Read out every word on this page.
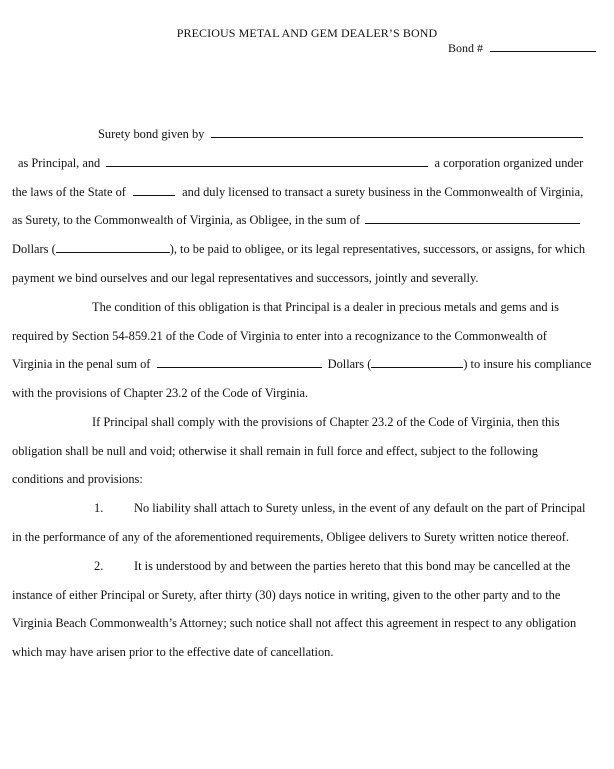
PRECIOUS METAL AND GEM DEALER’S BOND
Bond #
Surety bond given by
as Principal, and	a corporation organized under
the laws of the State of	and duly licensed to transact a surety business in the Commonwealth of Virginia,
as Surety, to the Commonwealth of Virginia, as Obligee, in the sum of
Dollars (	), to be paid to obligee, or its legal representatives, successors, or assigns, for which
payment we bind ourselves and our legal representatives and successors, jointly and severally.
The condition of this obligation is that Principal is a dealer in precious metals and gems and is
required by Section 54-859.21 of the Code of Virginia to enter into a recognizance to the Commonwealth of
Virginia in the penal sum of	Dollars (	) to insure his compliance
with the provisions of Chapter 23.2 of the Code of Virginia.
If Principal shall comply with the provisions of Chapter 23.2 of the Code of Virginia, then this
obligation shall be null and void; otherwise it shall remain in full force and effect, subject to the following
conditions and provisions:
1. No liability shall attach to Surety unless, in the event of any default on the part of Principal
in the performance of any of the aforementioned requirements, Obligee delivers to Surety written notice thereof.
2. It is understood by and between the parties hereto that this bond may be cancelled at the
instance of either Principal or Surety, after thirty (30) days notice in writing, given to the other party and to the
Virginia Beach Commonwealth’s Attorney; such notice shall not affect this agreement in respect to any obligation
which may have arisen prior to the effective date of cancellation.
